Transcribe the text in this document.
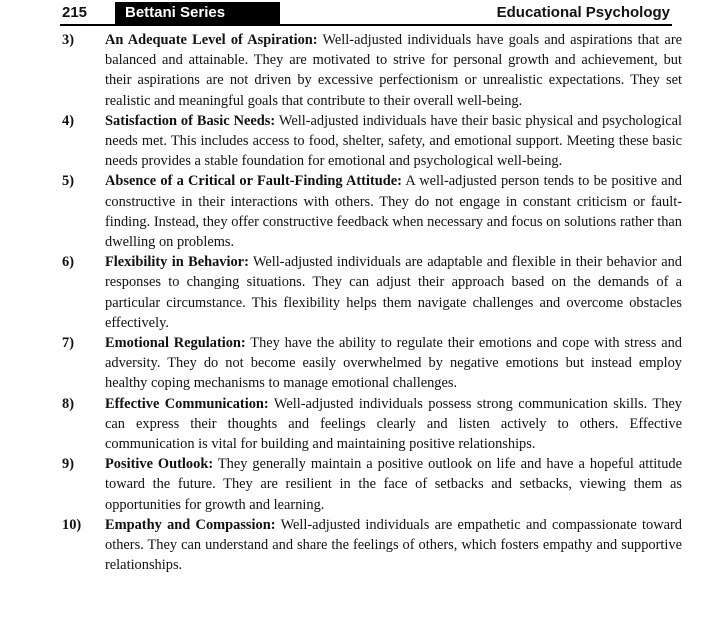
215	Bettani Series	Educational Psychology
3) An Adequate Level of Aspiration: Well-adjusted individuals have goals and aspirations that are balanced and attainable. They are motivated to strive for personal growth and achievement, but their aspirations are not driven by excessive perfectionism or unrealistic expectations. They set realistic and meaningful goals that contribute to their overall well-being.
4) Satisfaction of Basic Needs: Well-adjusted individuals have their basic physical and psychological needs met. This includes access to food, shelter, safety, and emotional support. Meeting these basic needs provides a stable foundation for emotional and psychological well-being.
5) Absence of a Critical or Fault-Finding Attitude: A well-adjusted person tends to be positive and constructive in their interactions with others. They do not engage in constant criticism or fault-finding. Instead, they offer constructive feedback when necessary and focus on solutions rather than dwelling on problems.
6) Flexibility in Behavior: Well-adjusted individuals are adaptable and flexible in their behavior and responses to changing situations. They can adjust their approach based on the demands of a particular circumstance. This flexibility helps them navigate challenges and overcome obstacles effectively.
7) Emotional Regulation: They have the ability to regulate their emotions and cope with stress and adversity. They do not become easily overwhelmed by negative emotions but instead employ healthy coping mechanisms to manage emotional challenges.
8) Effective Communication: Well-adjusted individuals possess strong communication skills. They can express their thoughts and feelings clearly and listen actively to others. Effective communication is vital for building and maintaining positive relationships.
9) Positive Outlook: They generally maintain a positive outlook on life and have a hopeful attitude toward the future. They are resilient in the face of setbacks and setbacks, viewing them as opportunities for growth and learning.
10) Empathy and Compassion: Well-adjusted individuals are empathetic and compassionate toward others. They can understand and share the feelings of others, which fosters empathy and supportive relationships.
